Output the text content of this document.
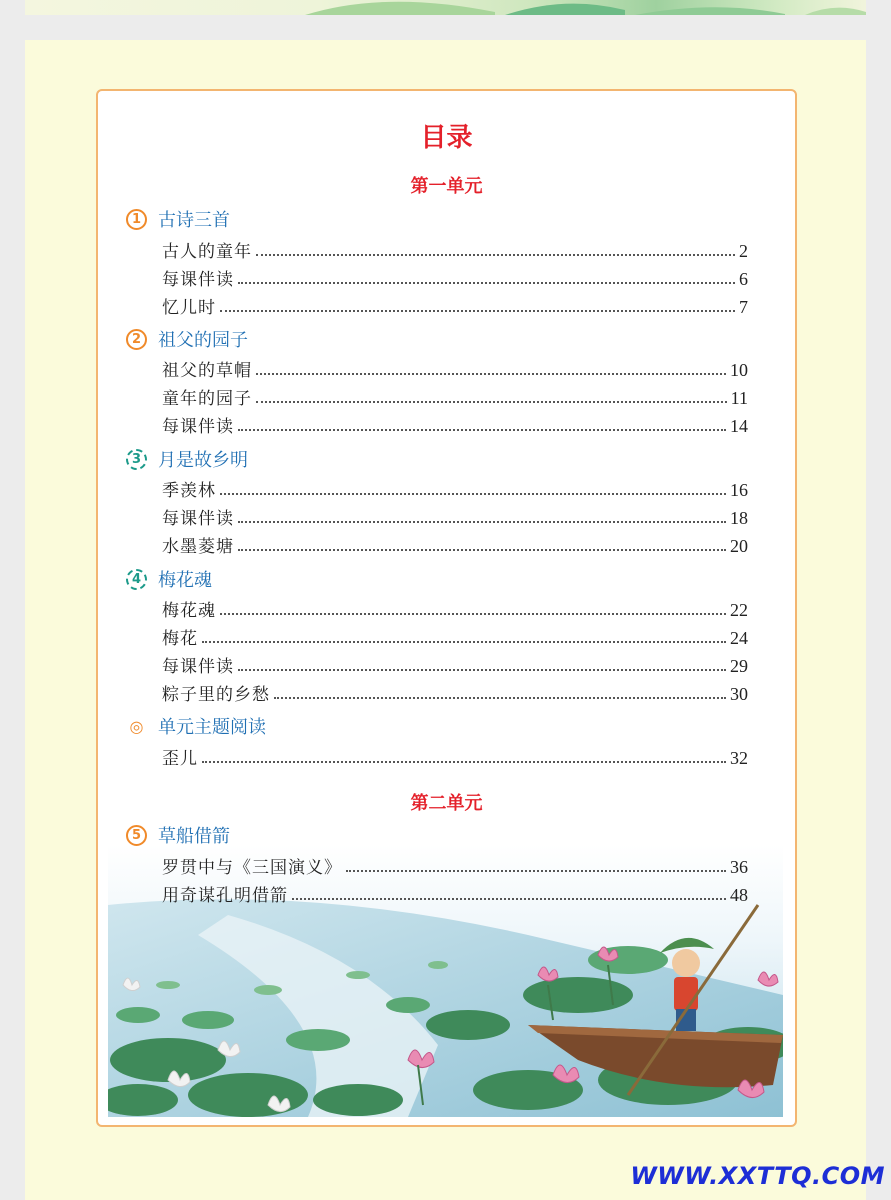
目录
第一单元
1 古诗三首
古人的童年	2
每课伴读	6
忆儿时	7
2 祖父的园子
祖父的草帽	10
童年的园子	11
每课伴读	14
3 月是故乡明
季羡林	16
每课伴读	18
水墨菱塘	20
4 梅花魂
梅花魂	22
梅花	24
每课伴读	29
粽子里的乡愁	30
◎ 单元主题阅读
歪儿	32
第二单元
5 草船借箭
罗贯中与《三国演义》	36
用奇谋孔明借箭	48
WWW.XXTTQ.COM
